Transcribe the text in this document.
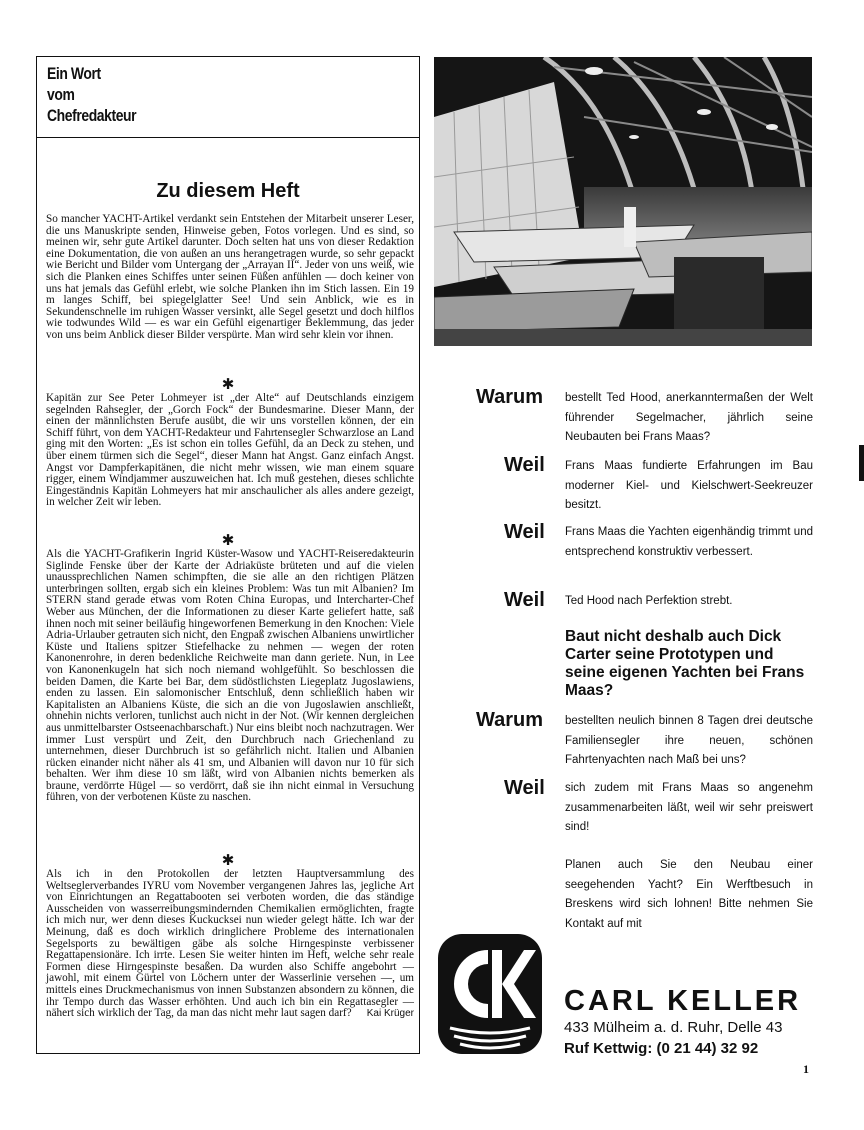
Ein Wort
vom
Chefredakteur
Zu diesem Heft

So mancher YACHT-Artikel verdankt sein Entstehen der Mitarbeit unserer Leser, die uns Manuskripte senden, Hinweise geben, Fotos vorlegen. Und es sind, so meinen wir, sehr gute Artikel darunter. Doch selten hat uns von dieser Redaktion eine Dokumentation, die von außen an uns herangetragen wurde, so sehr gepackt wie Bericht und Bilder vom Untergang der „Arrayan II“. Jeder von uns weiß, wie sich die Planken eines Schiffes unter seinen Füßen anfühlen — doch keiner von uns hat jemals das Gefühl erlebt, wie solche Planken ihn im Stich lassen. Ein 19 m langes Schiff, bei spiegelglatter See! Und sein Anblick, wie es in Sekundenschnelle im ruhigen Wasser versinkt, alle Segel gesetzt und doch hilflos wie todwundes Wild — es war ein Gefühl eigenartiger Beklemmung, das jeder von uns beim Anblick dieser Bilder verspürte. Man wird sehr klein vor ihnen.

✱

Kapitän zur See Peter Lohmeyer ist „der Alte“ auf Deutschlands einzigem segelnden Rahsegler, der „Gorch Fock“ der Bundesmarine. Dieser Mann, der einen der männlichsten Berufe ausübt, die wir uns vorstellen können, der ein Schiff führt, von dem YACHT-Redakteur und Fahrtensegler Schwarzlose an Land ging mit den Worten: „Es ist schon ein tolles Gefühl, da an Deck zu stehen, und über einem türmen sich die Segel“, dieser Mann hat Angst. Ganz einfach Angst. Angst vor Dampferkapitänen, die nicht mehr wissen, wie man einem square rigger, einem Windjammer auszuweichen hat. Ich muß gestehen, dieses schlichte Eingeständnis Kapitän Lohmeyers hat mir anschaulicher als alles andere gezeigt, in welcher Zeit wir leben.

✱

Als die YACHT-Grafikerin Ingrid Küster-Wasow und YACHT-Reiseredakteurin Siglinde Fenske über der Karte der Adriaküste brüteten und auf die vielen unaussprechlichen Namen schimpften, die sie alle an den richtigen Plätzen unterbringen sollten, ergab sich ein kleines Problem: Was tun mit Albanien? Im STERN stand gerade etwas vom Roten China Europas, und Intercharter-Chef Weber aus München, der die Informationen zu dieser Karte geliefert hatte, saß ihnen noch mit seiner beiläufig hingeworfenen Bemerkung in den Knochen: Viele Adria-Urlauber getrauten sich nicht, den Engpaß zwischen Albaniens unwirtlicher Küste und Italiens spitzer Stiefelhacke zu nehmen — wegen der roten Kanonenrohre, in deren bedenkliche Reichweite man dann geriete. Nun, in Lee von Kanonenkugeln hat sich noch niemand wohlgefühlt. So beschlossen die beiden Damen, die Karte bei Bar, dem südöstlichsten Liegeplatz Jugoslawiens, enden zu lassen. Ein salomonischer Entschluß, denn schließlich haben wir Kapitalisten an Albaniens Küste, die sich an die von Jugoslawien anschließt, ohnehin nichts verloren, tunlichst auch nicht in der Not. (Wir kennen dergleichen aus unmittelbarster Ostseenachbarschaft.) Nur eins bleibt noch nachzutragen. Wer immer Lust verspürt und Zeit, den Durchbruch nach Griechenland zu unternehmen, dieser Durchbruch ist so gefährlich nicht. Italien und Albanien rücken einander nicht näher als 41 sm, und Albanien will davon nur 10 für sich behalten. Wer ihm diese 10 sm läßt, wird von Albanien nichts bemerken als braune, verdörrte Hügel — so verdörrt, daß sie ihn nicht einmal in Versuchung führen, von der verbotenen Küste zu naschen.

✱
Als ich in den Protokollen der letzten Hauptversammlung des Weltseglerverbandes IYRU vom November vergangenen Jahres las, jegliche Art von Einrichtungen an Regattabooten sei verboten worden, die das ständige Ausscheiden von wasserreibungsmindernden Chemikalien ermöglichten, fragte ich mich nur, wer denn dieses Kuckucksei nun wieder gelegt hätte. Ich war der Meinung, daß es doch wirklich dringlichere Probleme des internationalen Segelsports zu bewältigen gäbe als solche Hirngespinste verbissener Regattapensionäre. Ich irrte. Lesen Sie weiter hinten im Heft, welche sehr reale Formen diese Hirngespinste besaßen. Da wurden also Schiffe angebohrt — jawohl, mit einem Gürtel von Löchern unter der Wasserlinie versehen —, um mittels eines Druckmechanismus von innen Substanzen absondern zu können, die ihr Tempo durch das Wasser erhöhten. Und auch ich bin ein Regattasegler — nähert sich wirklich der Tag, da man das nicht mehr laut sagen darf? Kai Krüger
Warum bestellt Ted Hood, anerkanntermaßen der Welt führender Segelmacher, jährlich seine Neubauten bei Frans Maas?
Weil Frans Maas fundierte Erfahrungen im Bau moderner Kiel- und Kielschwert-Seekreuzer besitzt.
Weil Frans Maas die Yachten eigenhändig trimmt und entsprechend konstruktiv verbessert.
Weil Ted Hood nach Perfektion strebt.
Baut nicht deshalb auch Dick Carter seine Prototypen und seine eigenen Yachten bei Frans Maas?
Warum bestellten neulich binnen 8 Tagen drei deutsche Familiensegler ihre neuen, schönen Fahrtenyachten nach Maß bei uns?
Weil sich zudem mit Frans Maas so angenehm zusammenarbeiten läßt, weil wir sehr preiswert sind!
Planen auch Sie den Neubau einer seegehenden Yacht? Ein Werftbesuch in Breskens wird sich lohnen! Bitte nehmen Sie Kontakt auf mit
CARL KELLER
433 Mülheim a. d. Ruhr, Delle 43
Ruf Kettwig: (0 21 44) 32 92
1
